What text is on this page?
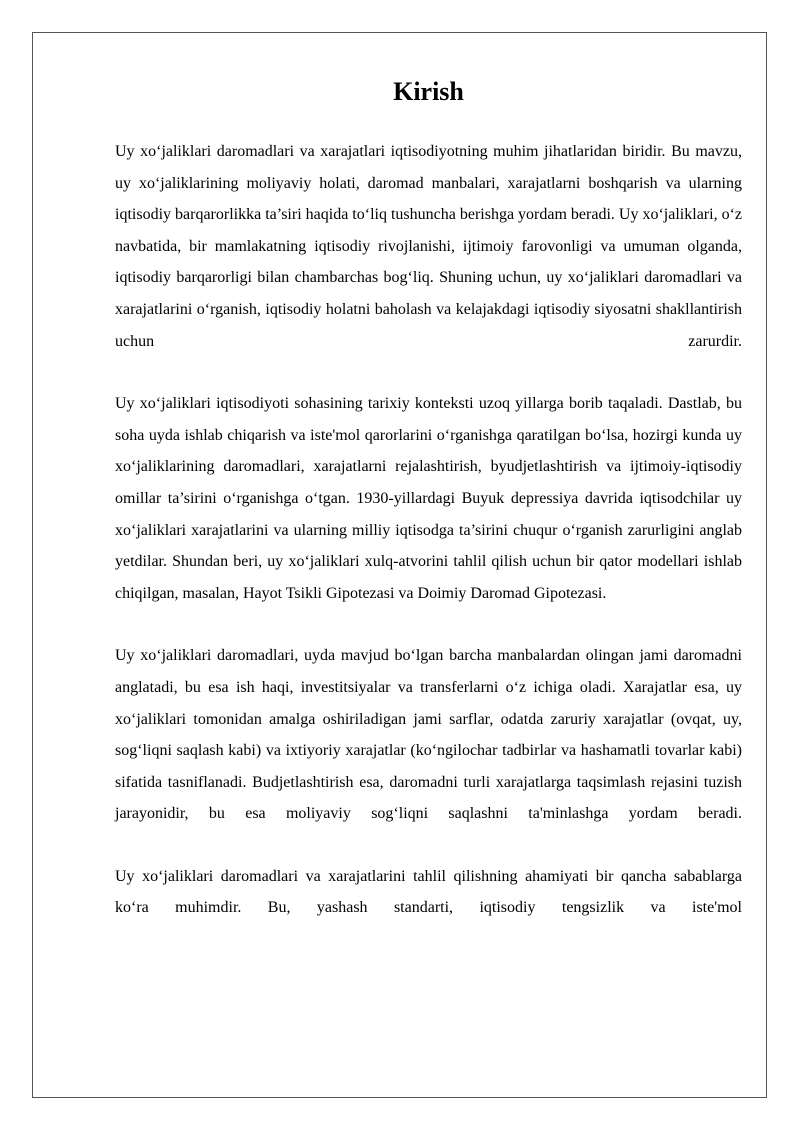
Kirish

Uy xo‘jaliklari daromadlari va xarajatlari iqtisodiyotning muhim jihatlaridan biridir. Bu mavzu, uy xo‘jaliklarining moliyaviy holati, daromad manbalari, xarajatlarni boshqarish va ularning iqtisodiy barqarorlikka ta’siri haqida to‘liq tushuncha berishga yordam beradi. Uy xo‘jaliklari, o‘z navbatida, bir mamlakatning iqtisodiy rivojlanishi, ijtimoiy farovonligi va umuman olganda, iqtisodiy barqarorligi bilan chambarchas bog‘liq. Shuning uchun, uy xo‘jaliklari daromadlari va xarajatlarini o‘rganish, iqtisodiy holatni baholash va kelajakdagi iqtisodiy siyosatni shakllantirish uchun zarurdir.

Uy xo‘jaliklari iqtisodiyoti sohasining tarixiy konteksti uzoq yillarga borib taqaladi. Dastlab, bu soha uyda ishlab chiqarish va iste'mol qarorlarini o‘rganishga qaratilgan bo‘lsa, hozirgi kunda uy xo‘jaliklarining daromadlari, xarajatlarni rejalashtirish, byudjetlashtirish va ijtimoiy-iqtisodiy omillar ta’sirini o‘rganishga o‘tgan. 1930-yillardagi Buyuk depressiya davrida iqtisodchilar uy xo‘jaliklari xarajatlarini va ularning milliy iqtisodga ta’sirini chuqur o‘rganish zarurligini anglab yetdilar. Shundan beri, uy xo‘jaliklari xulq-atvorini tahlil qilish uchun bir qator modellari ishlab chiqilgan, masalan, Hayot Tsikli Gipotezasi va Doimiy Daromad Gipotezasi.

Uy xo‘jaliklari daromadlari, uyda mavjud bo‘lgan barcha manbalardan olingan jami daromadni anglatadi, bu esa ish haqi, investitsiyalar va transferlarni o‘z ichiga oladi. Xarajatlar esa, uy xo‘jaliklari tomonidan amalga oshiriladigan jami sarflar, odatda zaruriy xarajatlar (ovqat, uy, sog‘liqni saqlash kabi) va ixtiyoriy xarajatlar (ko‘ngilochar tadbirlar va hashamatli tovarlar kabi) sifatida tasniflanadi. Budjetlashtirish esa, daromadni turli xarajatlarga taqsimlash rejasini tuzish jarayonidir, bu esa moliyaviy sog‘liqni saqlashni ta'minlashga yordam beradi.

Uy xo‘jaliklari daromadlari va xarajatlarini tahlil qilishning ahamiyati bir qancha sabablarga ko‘ra muhimdir. Bu, yashash standarti, iqtisodiy tengsizlik va iste'mol
